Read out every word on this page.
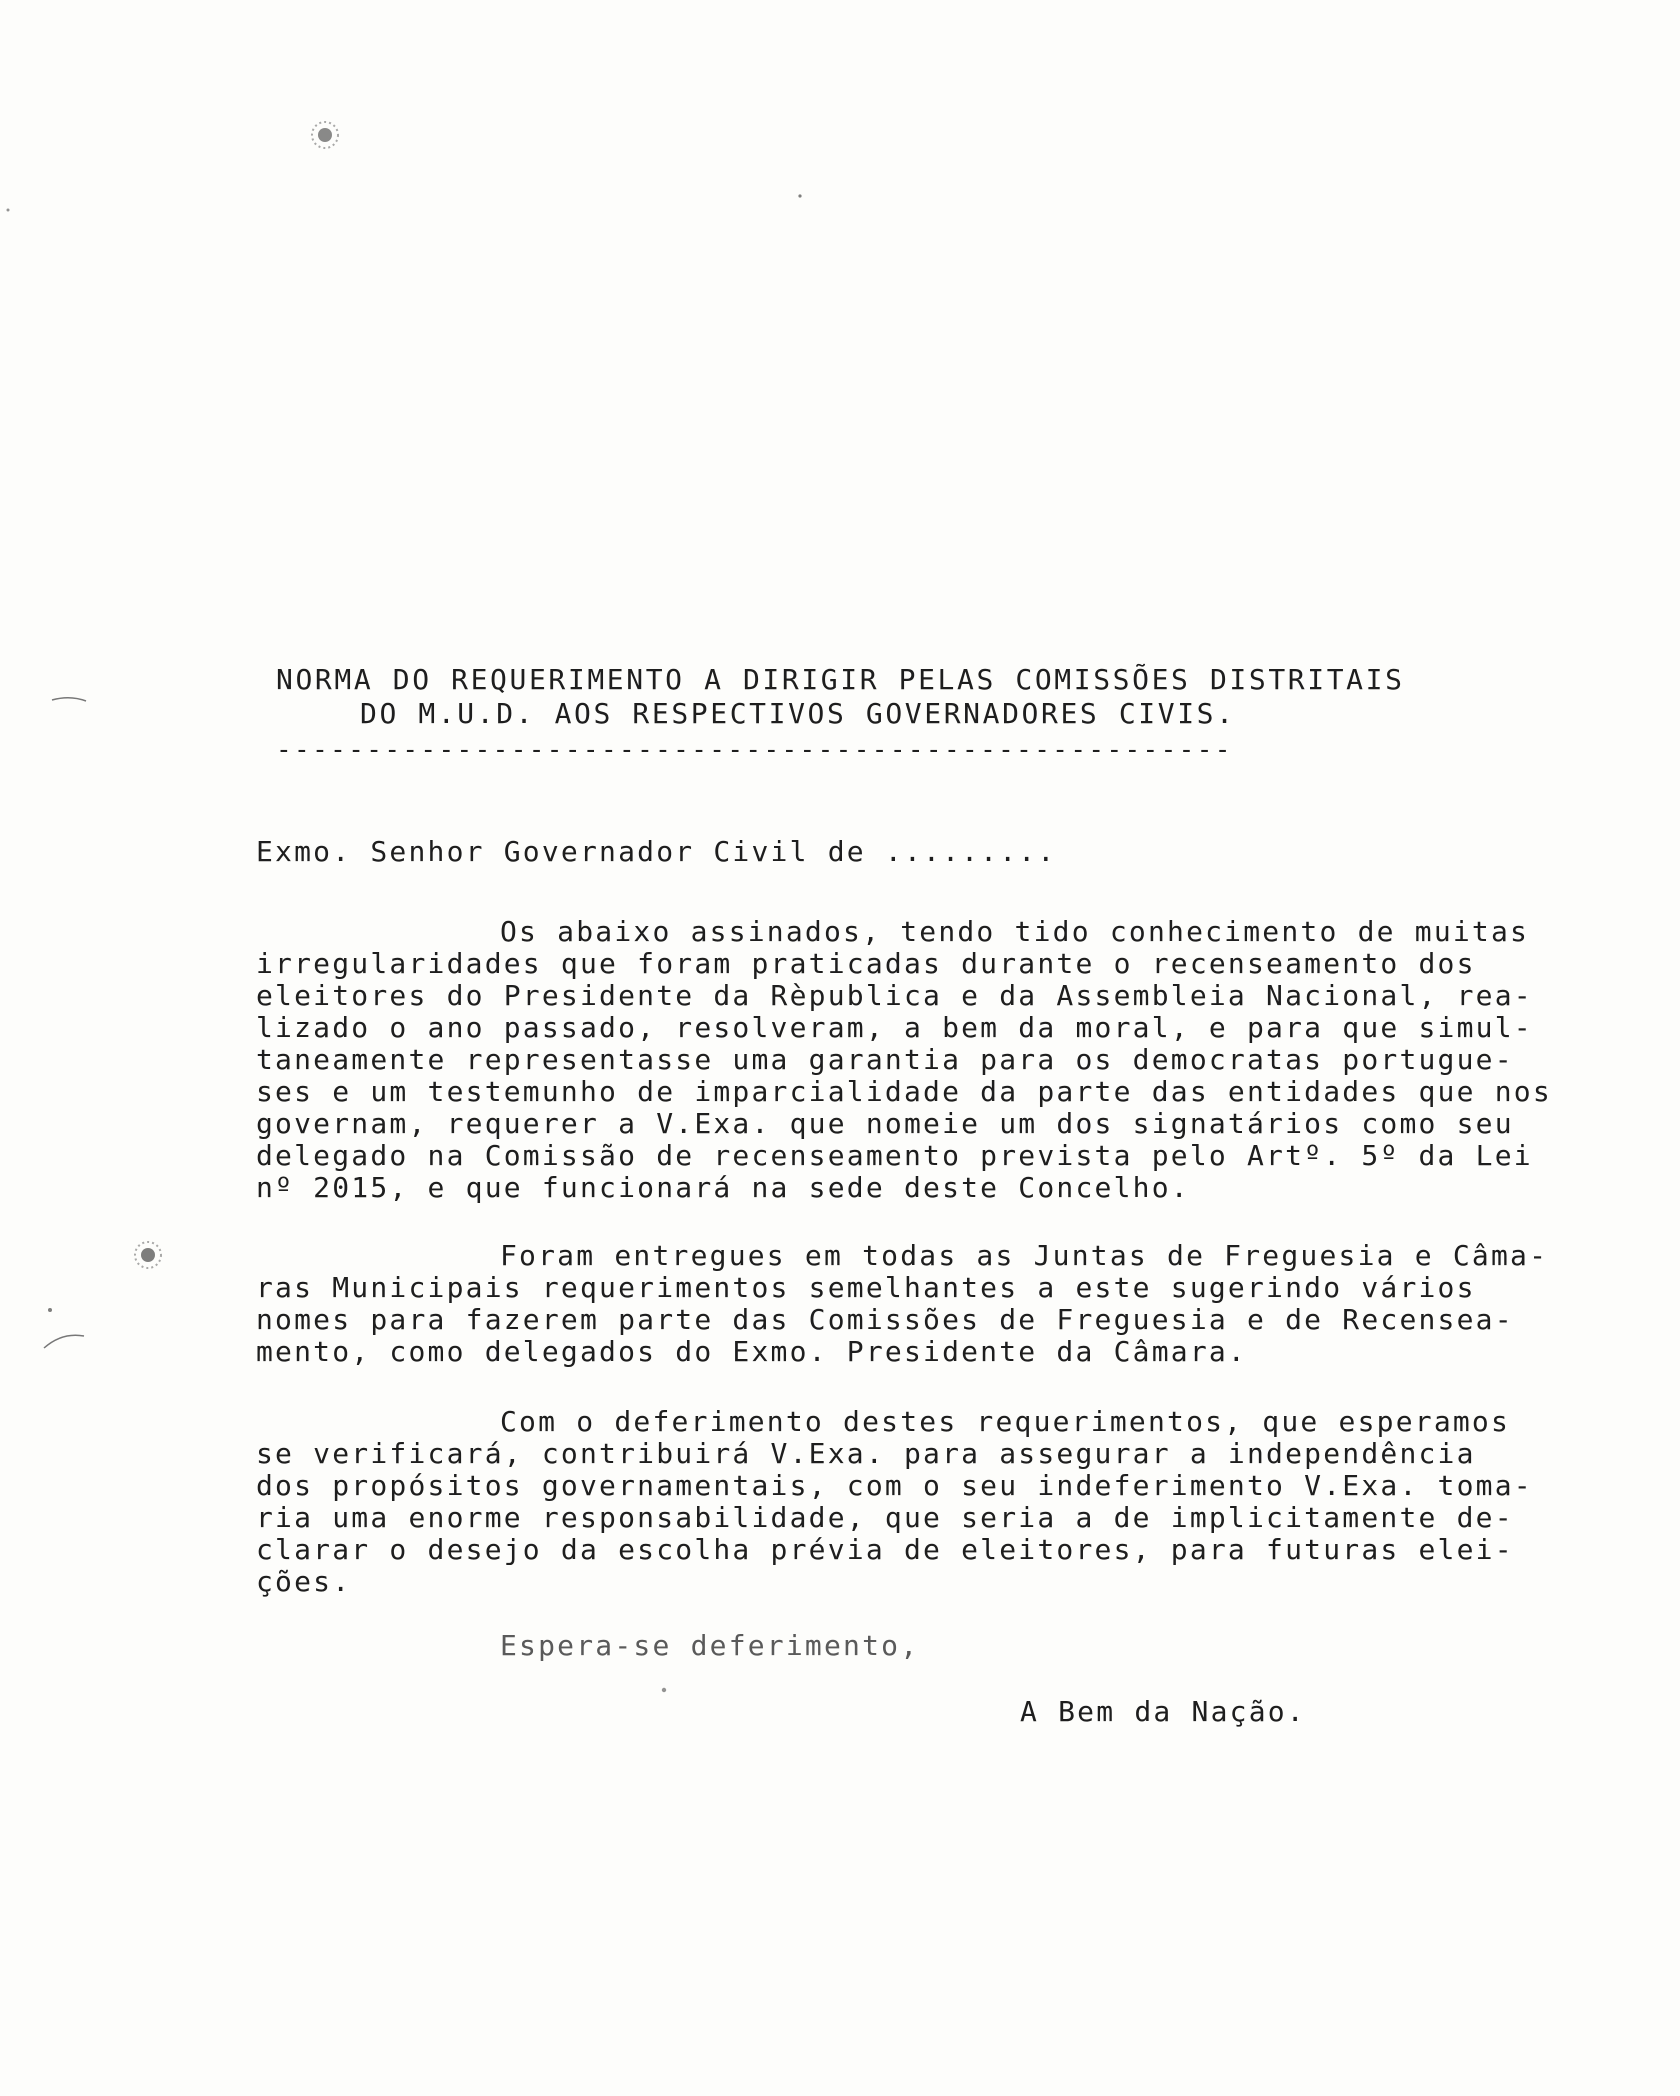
NORMA DO REQUERIMENTO A DIRIGIR PELAS COMISSÕES DISTRITAIS

DO M.U.D. AOS RESPECTIVOS GOVERNADORES CIVIS.

-----------------------------------------------------

Exmo. Senhor Governador Civil de .........

Os abaixo assinados, tendo tido conhecimento de muitas

irregularidades que foram praticadas durante o recenseamento dos

eleitores do Presidente da Rèpublica e da Assembleia Nacional, rea-

lizado o ano passado, resolveram, a bem da moral, e para que simul-

taneamente representasse uma garantia para os democratas portugue-

ses e um testemunho de imparcialidade da parte das entidades que nos

governam, requerer a V.Exa. que nomeie um dos signatários como seu

delegado na Comissão de recenseamento prevista pelo Artº. 5º da Lei

nº 2015, e que funcionará na sede deste Concelho.

Foram entregues em todas as Juntas de Freguesia e Câma-

ras Municipais requerimentos semelhantes a este sugerindo vários

nomes para fazerem parte das Comissões de Freguesia e de Recensea-

mento, como delegados do Exmo. Presidente da Câmara.

Com o deferimento destes requerimentos, que esperamos

se verificará, contribuirá V.Exa. para assegurar a independência

dos propósitos governamentais, com o seu indeferimento V.Exa. toma-

ria uma enorme responsabilidade, que seria a de implicitamente de-

clarar o desejo da escolha prévia de eleitores, para futuras elei-

ções.

Espera-se deferimento,

A Bem da Nação.
